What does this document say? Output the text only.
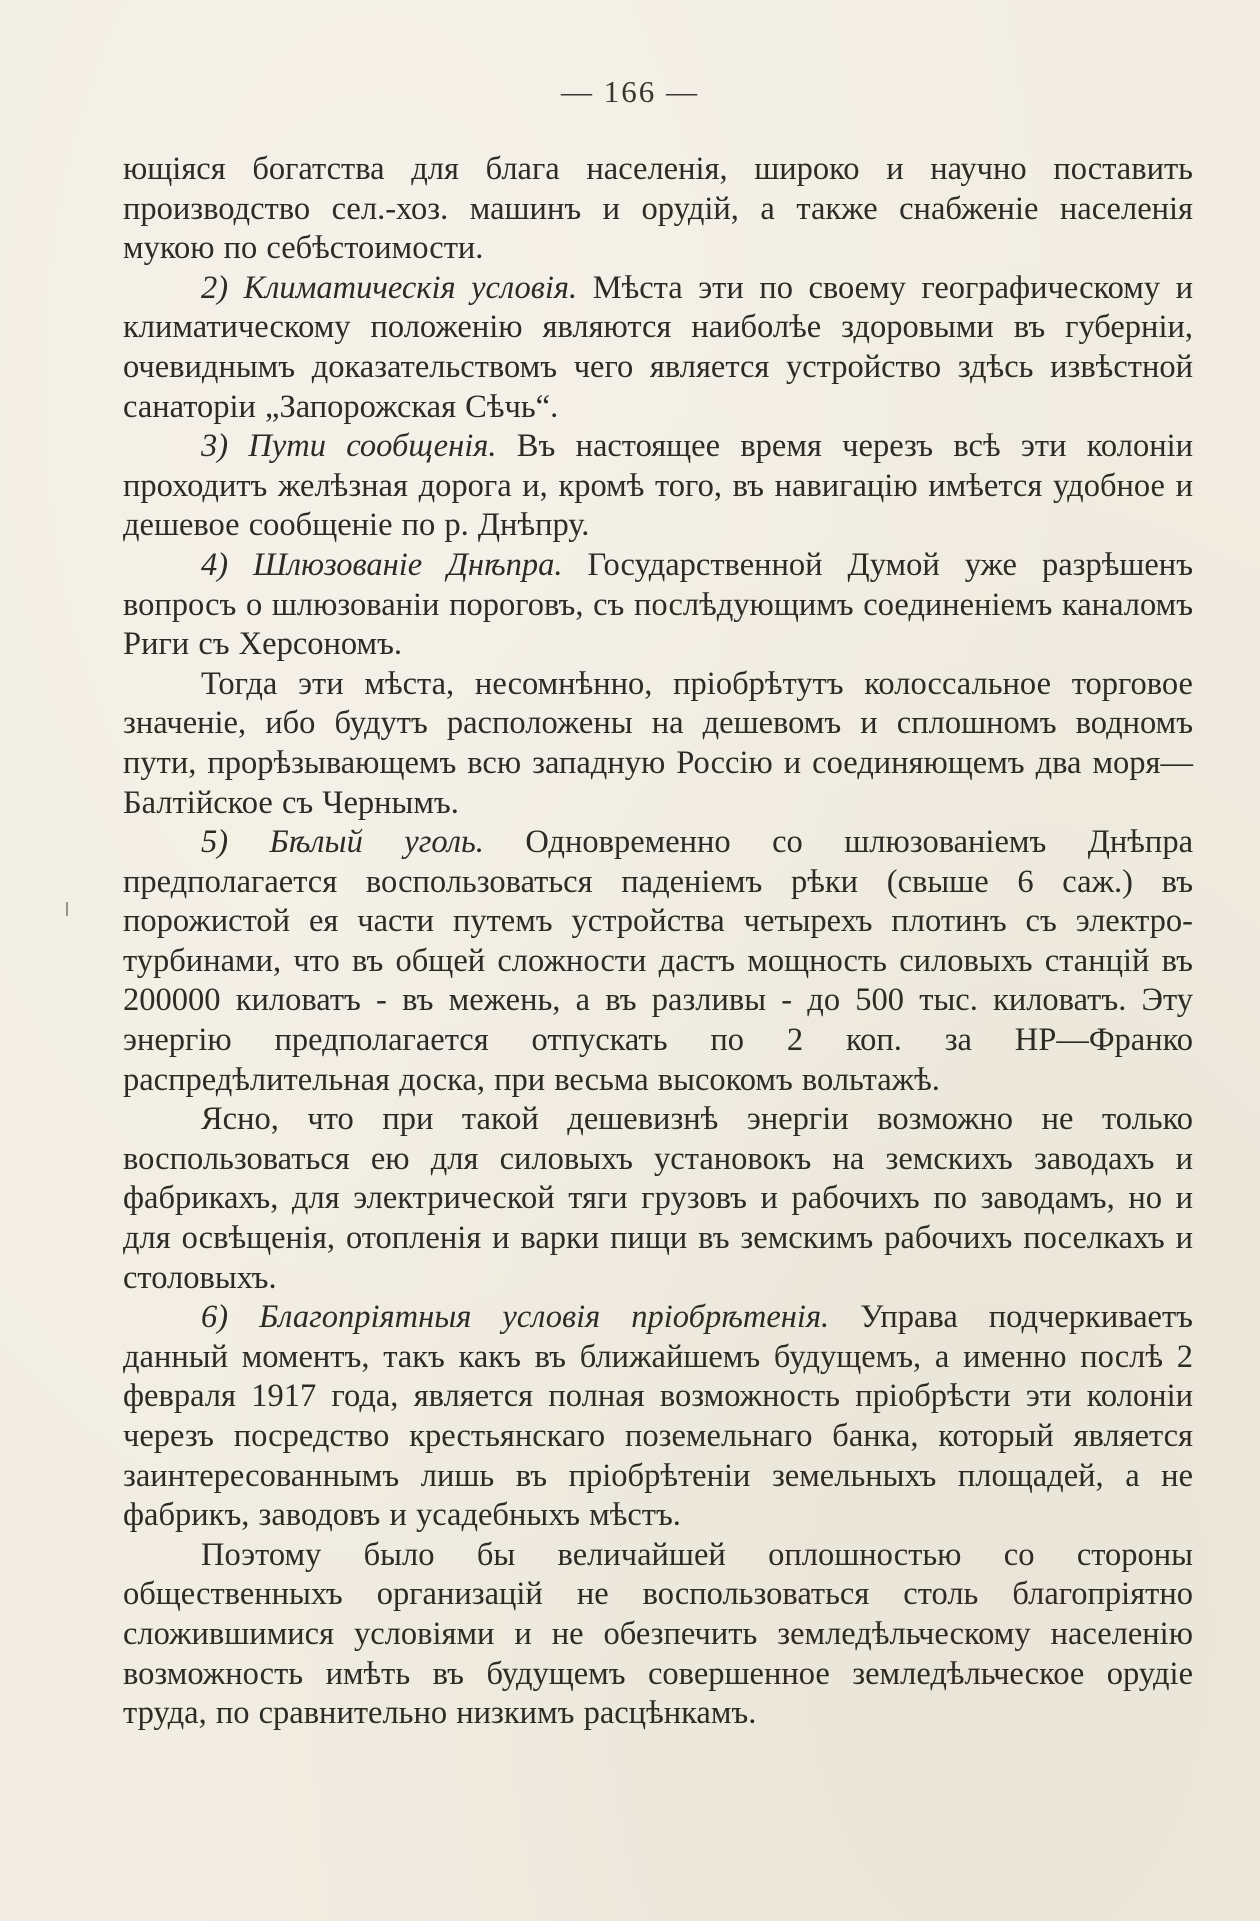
— 166 —

ющіяся богатства для блага населенія, широко и научно поставить производство сел.-хоз. машинъ и орудій, а также снабженіе населенія мукою по себѣстоимости.

2) Климатическія условія. Мѣста эти по своему географическому и климатическому положенію являются наиболѣе здоровыми въ губерніи, очевиднымъ доказательствомъ чего является устройство здѣсь извѣстной санаторіи „Запорожская Сѣчь“.

3) Пути сообщенія. Въ настоящее время черезъ всѣ эти колоніи проходитъ желѣзная дорога и, кромѣ того, въ навигацію имѣется удобное и дешевое сообщеніе по р. Днѣпру.

4) Шлюзованіе Днѣпра. Государственной Думой уже разрѣшенъ вопросъ о шлюзованіи пороговъ, съ послѣдующимъ соединеніемъ каналомъ Риги съ Херсономъ.

Тогда эти мѣста, несомнѣнно, пріобрѣтутъ колоссальное торговое значеніе, ибо будутъ расположены на дешевомъ и сплошномъ водномъ пути, прорѣзывающемъ всю западную Россію и соединяющемъ два моря—Балтійское съ Чернымъ.

5) Бѣлый уголь. Одновременно со шлюзованіемъ Днѣпра предполагается воспользоваться паденіемъ рѣки (свыше 6 саж.) въ порожистой ея части путемъ устройства четырехъ плотинъ съ электро-турбинами, что въ общей сложности дастъ мощность силовыхъ станцій въ 200000 киловатъ - въ межень, а въ разливы - до 500 тыс. киловатъ. Эту энергію предполагается отпускать по 2 коп. за НР—Франко распредѣлительная доска, при весьма высокомъ вольтажѣ.

Ясно, что при такой дешевизнѣ энергіи возможно не только воспользоваться ею для силовыхъ установокъ на земскихъ заводахъ и фабрикахъ, для электрической тяги грузовъ и рабочихъ по заводамъ, но и для освѣщенія, отопленія и варки пищи въ земскимъ рабочихъ поселкахъ и столовыхъ.

6) Благопріятныя условія пріобрѣтенія. Управа подчеркиваетъ данный моментъ, такъ какъ въ ближайшемъ будущемъ, а именно послѣ 2 февраля 1917 года, является полная возможность пріобрѣсти эти колоніи черезъ посредство крестьянскаго поземельнаго банка, который является заинтересованнымъ лишь въ пріобрѣтеніи земельныхъ площадей, а не фабрикъ, заводовъ и усадебныхъ мѣстъ.

Поэтому было бы величайшей оплошностью со стороны общественныхъ организацій не воспользоваться столь благопріятно сложившимися условіями и не обезпечить земледѣльческому населенію возможность имѣть въ будущемъ совершенное земледѣльческое орудіе труда, по сравнительно низкимъ расцѣнкамъ.
